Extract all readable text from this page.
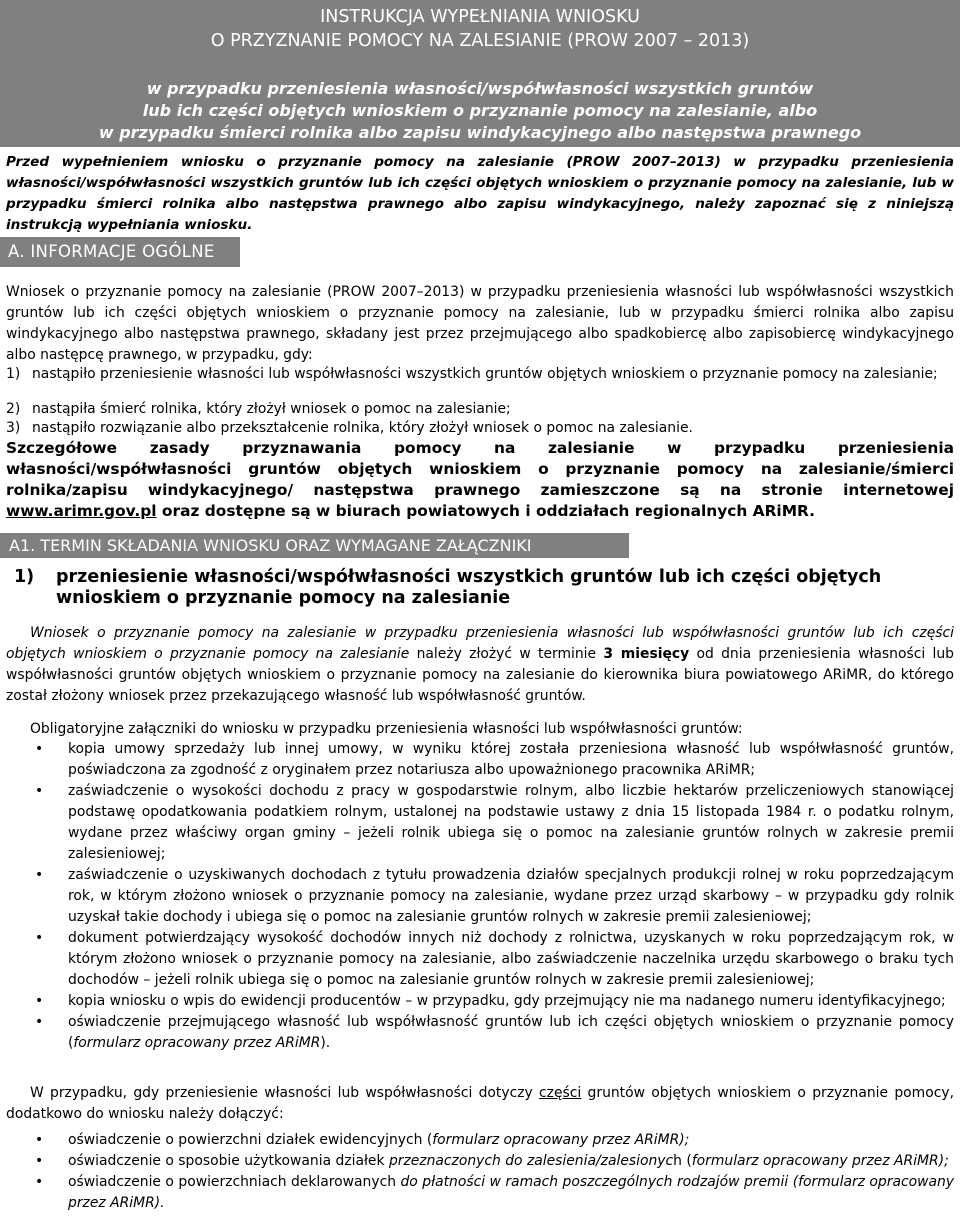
INSTRUKCJA WYPEŁNIANIA WNIOSKU
O PRZYZNANIE POMOCY NA ZALESIANIE (PROW 2007 – 2013)
w przypadku przeniesienia własności/współwłasności wszystkich gruntów
lub ich części objętych wnioskiem o przyznanie pomocy na zalesianie, albo
w przypadku śmierci rolnika albo zapisu windykacyjnego albo następstwa prawnego
Przed wypełnieniem wniosku o przyznanie pomocy na zalesianie (PROW 2007–2013) w przypadku przeniesienia własności/współwłasności wszystkich gruntów lub ich części objętych wnioskiem o przyznanie pomocy na zalesianie, lub w przypadku śmierci rolnika albo następstwa prawnego albo zapisu windykacyjnego, należy zapoznać się z niniejszą instrukcją wypełniania wniosku.
A. INFORMACJE OGÓLNE
Wniosek o przyznanie pomocy na zalesianie (PROW 2007–2013) w przypadku przeniesienia własności lub współwłasności wszystkich gruntów lub ich części objętych wnioskiem o przyznanie pomocy na zalesianie, lub w przypadku śmierci rolnika albo zapisu windykacyjnego albo następstwa prawnego, składany jest przez przejmującego albo spadkobiercę albo zapisobiercę windykacyjnego albo następcę prawnego, w przypadku, gdy:
1) nastąpiło przeniesienie własności lub współwłasności wszystkich gruntów objętych wnioskiem o przyznanie pomocy na zalesianie;
2) nastąpiła śmierć rolnika, który złożył wniosek o pomoc na zalesianie;
3) nastąpiło rozwiązanie albo przekształcenie rolnika, który złożył wniosek o pomoc na zalesianie.
Szczegółowe zasady przyznawania pomocy na zalesianie w przypadku przeniesienia własności/współwłasności gruntów objętych wnioskiem o przyznanie pomocy na zalesianie/śmierci rolnika/zapisu windykacyjnego/ następstwa prawnego zamieszczone są na stronie internetowej www.arimr.gov.pl oraz dostępne są w biurach powiatowych i oddziałach regionalnych ARiMR.
A1. TERMIN SKŁADANIA WNIOSKU ORAZ WYMAGANE ZAŁĄCZNIKI
1) przeniesienie własności/współwłasności wszystkich gruntów lub ich części objętych wnioskiem o przyznanie pomocy na zalesianie
Wniosek o przyznanie pomocy na zalesianie w przypadku przeniesienia własności lub współwłasności gruntów lub ich części objętych wnioskiem o przyznanie pomocy na zalesianie należy złożyć w terminie 3 miesięcy od dnia przeniesienia własności lub współwłasności gruntów objętych wnioskiem o przyznanie pomocy na zalesianie do kierownika biura powiatowego ARiMR, do którego został złożony wniosek przez przekazującego własność lub współwłasność gruntów.
Obligatoryjne załączniki do wniosku w przypadku przeniesienia własności lub współwłasności gruntów:
• kopia umowy sprzedaży lub innej umowy, w wyniku której została przeniesiona własność lub współwłasność gruntów, poświadczona za zgodność z oryginałem przez notariusza albo upoważnionego pracownika ARiMR;
• zaświadczenie o wysokości dochodu z pracy w gospodarstwie rolnym, albo liczbie hektarów przeliczeniowych stanowiącej podstawę opodatkowania podatkiem rolnym, ustalonej na podstawie ustawy z dnia 15 listopada 1984 r. o podatku rolnym, wydane przez właściwy organ gminy – jeżeli rolnik ubiega się o pomoc na zalesianie gruntów rolnych w zakresie premii zalesieniowej;
• zaświadczenie o uzyskiwanych dochodach z tytułu prowadzenia działów specjalnych produkcji rolnej w roku poprzedzającym rok, w którym złożono wniosek o przyznanie pomocy na zalesianie, wydane przez urząd skarbowy – w przypadku gdy rolnik uzyskał takie dochody i ubiega się o pomoc na zalesianie gruntów rolnych w zakresie premii zalesieniowej;
• dokument potwierdzający wysokość dochodów innych niż dochody z rolnictwa, uzyskanych w roku poprzedzającym rok, w którym złożono wniosek o przyznanie pomocy na zalesianie, albo zaświadczenie naczelnika urzędu skarbowego o braku tych dochodów – jeżeli rolnik ubiega się o pomoc na zalesianie gruntów rolnych w zakresie premii zalesieniowej;
• kopia wniosku o wpis do ewidencji producentów – w przypadku, gdy przejmujący nie ma nadanego numeru identyfikacyjnego;
• oświadczenie przejmującego własność lub współwłasność gruntów lub ich części objętych wnioskiem o przyznanie pomocy (formularz opracowany przez ARiMR).
W przypadku, gdy przeniesienie własności lub współwłasności dotyczy części gruntów objętych wnioskiem o przyznanie pomocy, dodatkowo do wniosku należy dołączyć:
• oświadczenie o powierzchni działek ewidencyjnych (formularz opracowany przez ARiMR);
• oświadczenie o sposobie użytkowania działek przeznaczonych do zalesienia/zalesionych (formularz opracowany przez ARiMR);
• oświadczenie o powierzchniach deklarowanych do płatności w ramach poszczególnych rodzajów premii (formularz opracowany przez ARiMR).
